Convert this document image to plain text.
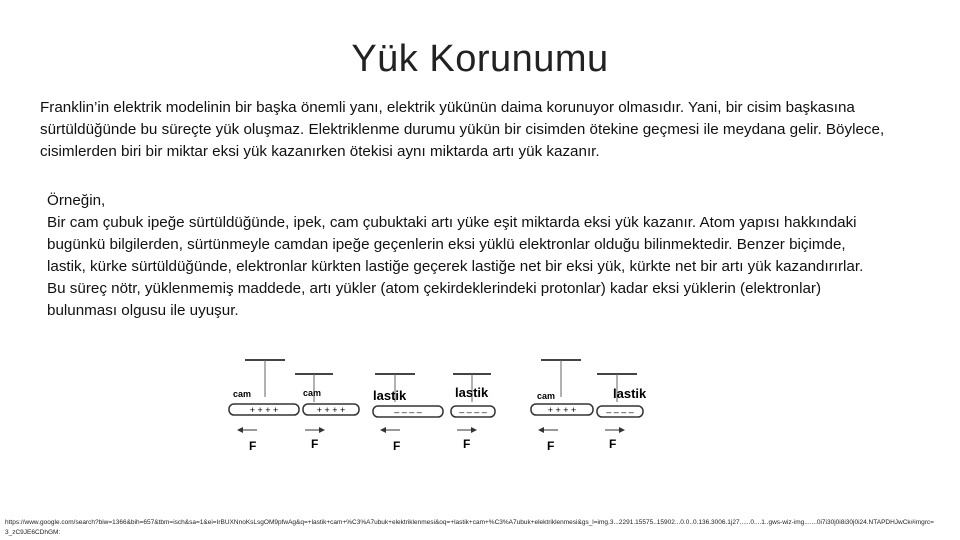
Yük Korunumu
Franklin’in elektrik modelinin bir başka önemli yanı, elektrik yükünün daima korunuyor olmasıdır. Yani, bir cisim başkasına sürtüldüğünde bu süreçte yük oluşmaz. Elektriklenme durumu yükün bir cisimden ötekine geçmesi ile meydana gelir. Böylece, cisimlerden biri bir miktar eksi yük kazanırken ötekisi aynı miktarda artı yük kazanır.
Örneğin,
Bir cam çubuk ipeğe sürtüldüğünde, ipek, cam çubuktaki artı yüke eşit miktarda eksi yük kazanır. Atom yapısı hakkındaki bugünkü bilgilerden, sürtünmeyle camdan ipeğe geçenlerin eksi yüklü elektronlar olduğu bilinmektedir. Benzer biçimde, lastik, kürke sürtüldüğünde, elektronlar kürkten lastiğe geçerek lastiğe net bir eksi yük, kürkte net bir artı yük kazandırırlar. Bu süreç nötr, yüklenmemiş maddede, artı yükler (atom çekirdeklerindeki protonlar) kadar eksi yüklerin (elektronlar) bulunması olgusu ile uyuşur.
cam
+ + + +
F
cam
+ + + +
F
lastik
– – – –
F
lastik
– – – –
F
cam
+ + + +
F
lastik
– – – –
F
https://www.google.com/search?biw=1366&bih=657&tbm=isch&sa=1&ei=IrBUXNnoKsLsgOM9pfwAg&q=+lastik+cam+%C3%A7ubuk+elektriklenmesi&oq=+lastik+cam+%C3%A7ubuk+elektriklenmesi&gs_l=img.3...2291.15575..15902...0.0..0.136.3006.1j27......0....1..gws-wiz-img.......0i7i30j0i8i30j0i24.NTAPDHJwCk#imgrc=3_zC9JE6CDhGM:
